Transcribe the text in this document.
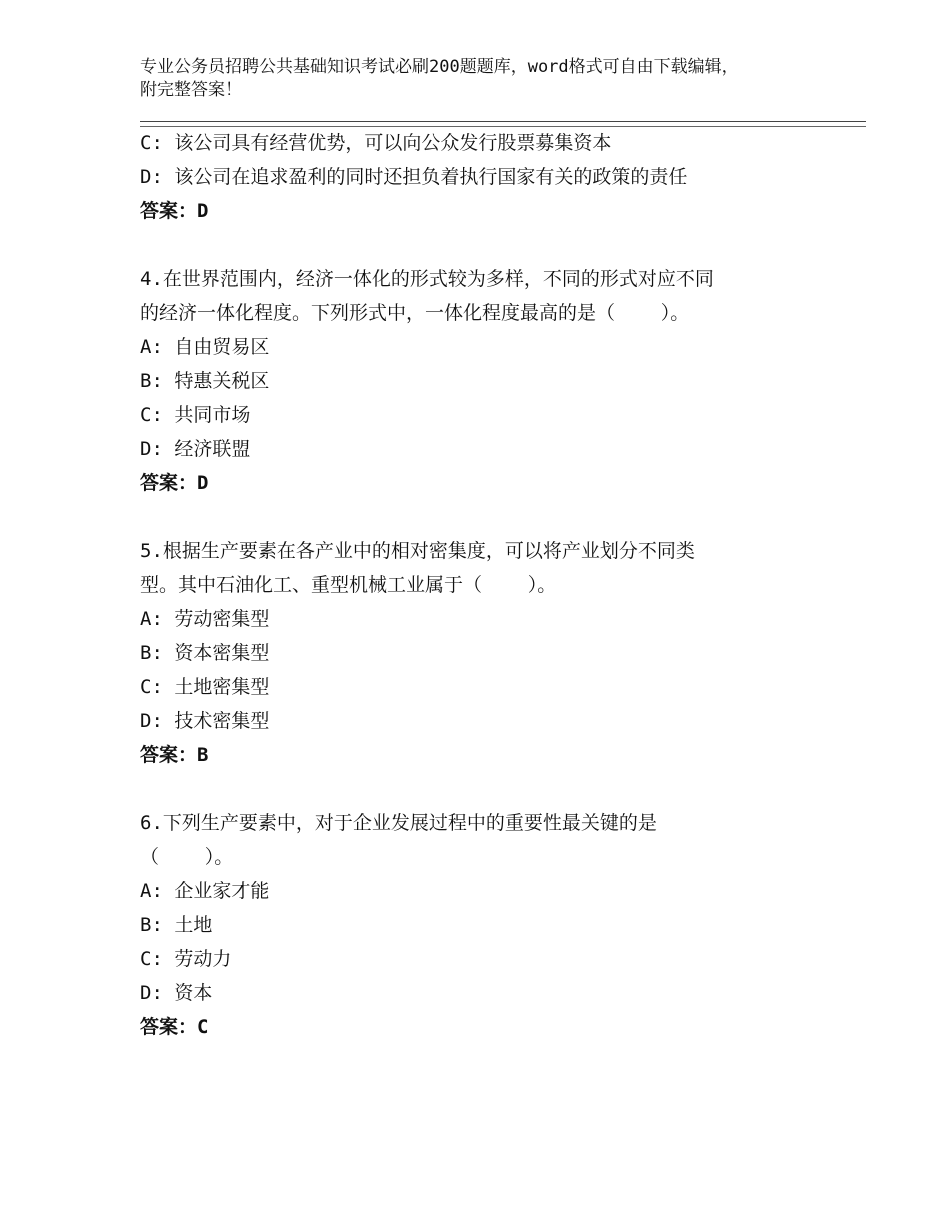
专业公务员招聘公共基础知识考试必刷200题题库，word格式可自由下载编辑，
附完整答案！
C: 该公司具有经营优势，可以向公众发行股票募集资本
D: 该公司在追求盈利的同时还担负着执行国家有关的政策的责任
答案：D
4.在世界范围内，经济一体化的形式较为多样，不同的形式对应不同
的经济一体化程度。下列形式中，一体化程度最高的是（    ）。
A: 自由贸易区
B: 特惠关税区
C: 共同市场
D: 经济联盟
答案：D
5.根据生产要素在各产业中的相对密集度，可以将产业划分不同类
型。其中石油化工、重型机械工业属于（    ）。
A: 劳动密集型
B: 资本密集型
C: 土地密集型
D: 技术密集型
答案：B
6.下列生产要素中，对于企业发展过程中的重要性最关键的是
（    ）。
A: 企业家才能
B: 土地
C: 劳动力
D: 资本
答案：C
